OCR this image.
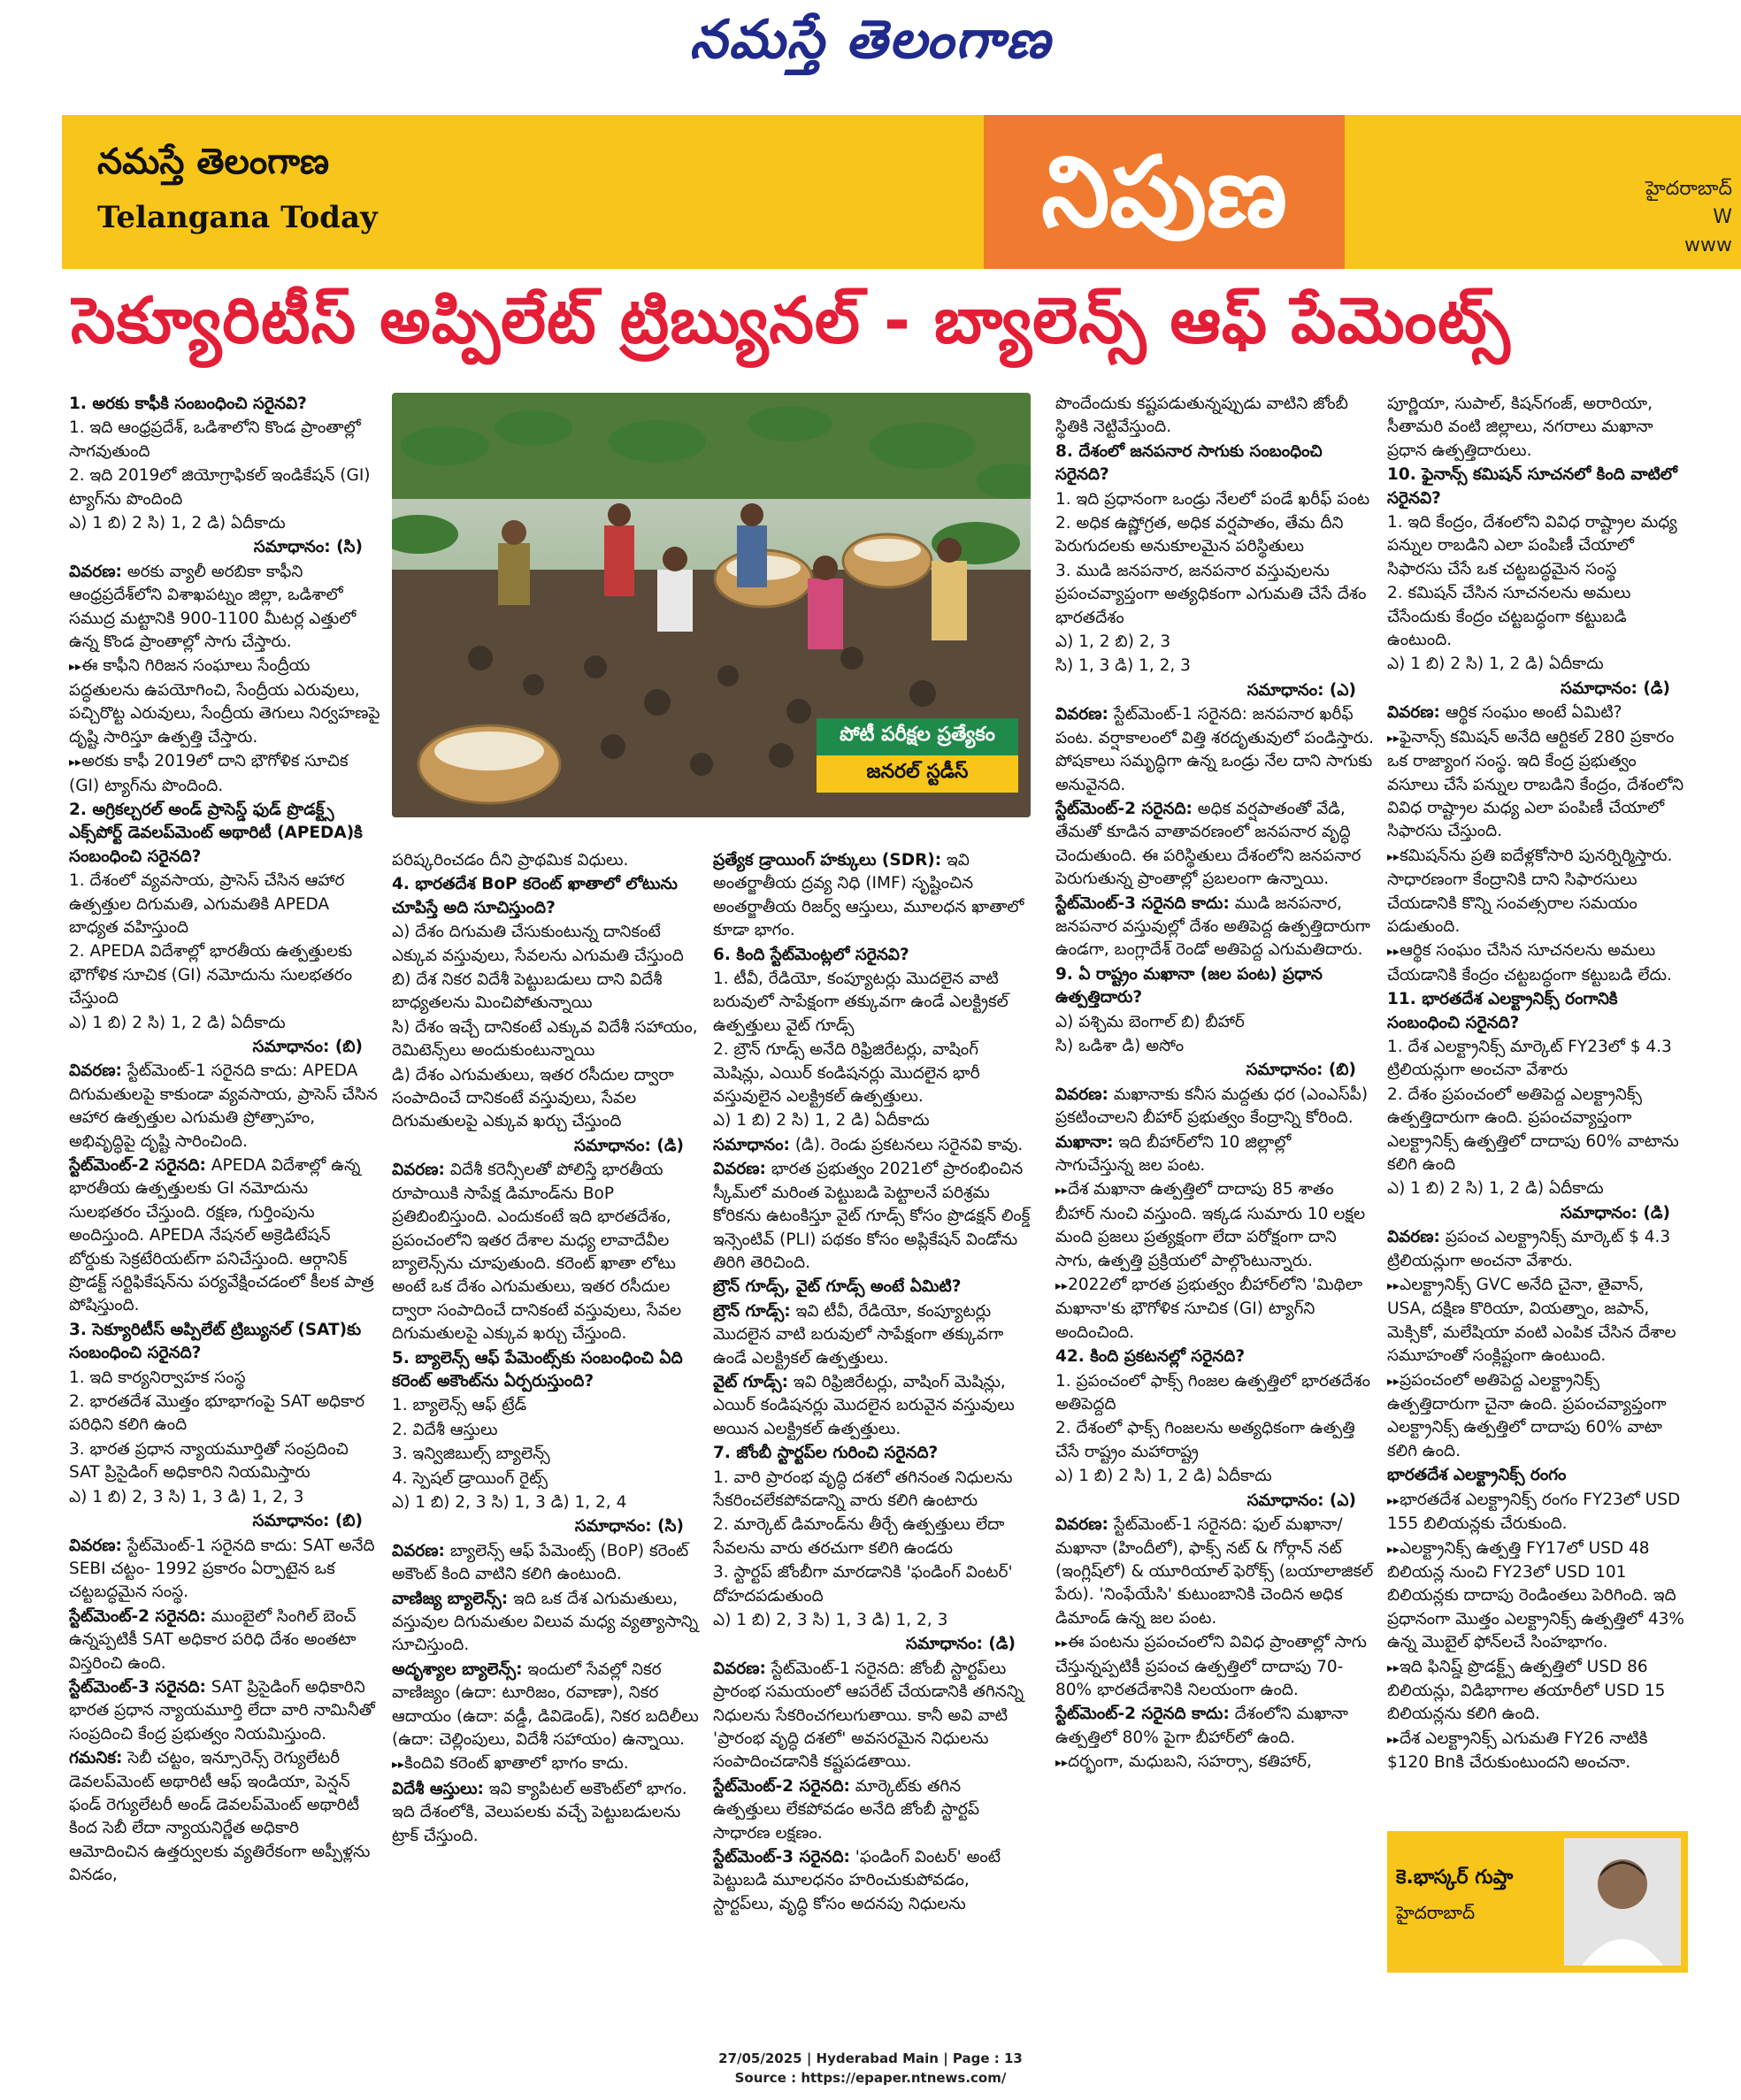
నమస్తే తెలంగాణ
నమస్తే తెలంగాణ
Telangana Today	నిపుణ	హైదరాబాద్
W
www
సెక్యూరిటీస్ అప్పిలేట్ ట్రిబ్యునల్ - బ్యాలెన్స్ ఆఫ్ పేమెంట్స్

1. అరకు కాఫీకి సంబంధించి సరైనవి?

1. ఇది ఆంధ్రప్రదేశ్, ఒడిశాలోని కొండ ప్రాంతాల్లో సాగవుతుంది

2. ఇది 2019లో జియోగ్రాఫికల్ ఇండికేషన్ (GI) ట్యాగ్‌ను పొందింది

ఎ) 1 బి) 2 సి) 1, 2 డి) ఏదీకాదు

సమాధానం: (సి)

వివరణ: అరకు వ్యాలీ అరబికా కాఫీని ఆంధ్రప్రదేశ్‌లోని విశాఖపట్నం జిల్లా, ఒడిశాలో సముద్ర మట్టానికి 900-1100 మీటర్ల ఎత్తులో ఉన్న కొండ ప్రాంతాల్లో సాగు చేస్తారు.

▸▸ ఈ కాఫీని గిరిజన సంఘాలు సేంద్రీయ పద్ధతులను ఉపయోగించి, సేంద్రీయ ఎరువులు, పచ్చిరొట్ట ఎరువులు, సేంద్రీయ తెగులు నిర్వహణపై దృష్టి సారిస్తూ ఉత్పత్తి చేస్తారు.

▸▸ అరకు కాఫీ 2019లో దాని భౌగోళిక సూచిక (GI) ట్యాగ్‌ను పొందింది.

2. అగ్రికల్చరల్ అండ్ ప్రాసెస్డ్ ఫుడ్ ప్రొడక్ట్స్ ఎక్స్‌పోర్ట్ డెవలప్‌మెంట్ అథారిటీ (APEDA)కి సంబంధించి సరైనది?

1. దేశంలో వ్యవసాయ, ప్రాసెస్ చేసిన ఆహార ఉత్పత్తుల దిగుమతి, ఎగుమతికి APEDA బాధ్యత వహిస్తుంది

2. APEDA విదేశాల్లో భారతీయ ఉత్పత్తులకు భౌగోళిక సూచిక (GI) నమోదును సులభతరం చేస్తుంది

ఎ) 1 బి) 2 సి) 1, 2 డి) ఏదీకాదు

సమాధానం: (బి)

వివరణ: స్టేట్‌మెంట్-1 సరైనది కాదు: APEDA దిగుమతులపై కాకుండా వ్యవసాయ, ప్రాసెస్ చేసిన ఆహార ఉత్పత్తుల ఎగుమతి ప్రోత్సాహం, అభివృద్ధిపై దృష్టి సారించింది.

స్టేట్‌మెంట్-2 సరైనది: APEDA విదేశాల్లో ఉన్న భారతీయ ఉత్పత్తులకు GI నమోదును సులభతరం చేస్తుంది. రక్షణ, గుర్తింపును అందిస్తుంది. APEDA నేషనల్ అక్రెడిటేషన్ బోర్డుకు సెక్రటేరియట్‌గా పనిచేస్తుంది. ఆర్గానిక్ ప్రొడక్ట్ సర్టిఫికేషన్‌ను పర్యవేక్షించడంలో కీలక పాత్ర పోషిస్తుంది.

3. సెక్యూరిటీస్ అప్పిలేట్ ట్రిబ్యునల్ (SAT)కు సంబంధించి సరైనది?

1. ఇది కార్యనిర్వాహక సంస్థ

2. భారతదేశ మొత్తం భూభాగంపై SAT అధికార పరిధిని కలిగి ఉంది

3. భారత ప్రధాన న్యాయమూర్తితో సంప్రదించి SAT ప్రిసైడింగ్ అధికారిని నియమిస్తారు

ఎ) 1 బి) 2, 3 సి) 1, 3 డి) 1, 2, 3

సమాధానం: (బి)

వివరణ: స్టేట్‌మెంట్-1 సరైనది కాదు: SAT అనేది SEBI చట్టం- 1992 ప్రకారం ఏర్పాటైన ఒక చట్టబద్ధమైన సంస్థ.

స్టేట్‌మెంట్-2 సరైనది: ముంబైలో సింగిల్ బెంచ్ ఉన్నప్పటికీ SAT అధికార పరిధి దేశం అంతటా విస్తరించి ఉంది.

స్టేట్‌మెంట్-3 సరైనది: SAT ప్రిసైడింగ్ అధికారిని భారత ప్రధాన న్యాయమూర్తి లేదా వారి నామినీతో సంప్రదించి కేంద్ర ప్రభుత్వం నియమిస్తుంది.

గమనిక: సెబీ చట్టం, ఇన్సూరెన్స్ రెగ్యులేటరీ డెవలప్‌మెంట్ అథారిటీ ఆఫ్ ఇండియా, పెన్షన్ ఫండ్ రెగ్యులేటరీ అండ్ డెవలప్‌మెంట్ అథారిటీ కింద సెబీ లేదా న్యాయనిర్ణేత అధికారి ఆమోదించిన ఉత్తర్వులకు వ్యతిరేకంగా అప్పీళ్లను వినడం,

పోటీ పరీక్షల ప్రత్యేకం
జనరల్ స్టడీస్

పరిష్కరించడం దీని ప్రాథమిక విధులు.

4. భారతదేశ BoP కరెంట్ ఖాతాలో లోటును చూపిస్తే అది సూచిస్తుంది?

ఎ) దేశం దిగుమతి చేసుకుంటున్న దానికంటే ఎక్కువ వస్తువులు, సేవలను ఎగుమతి చేస్తుంది

బి) దేశ నికర విదేశీ పెట్టుబడులు దాని విదేశీ బాధ్యతలను మించిపోతున్నాయి

సి) దేశం ఇచ్చే దానికంటే ఎక్కువ విదేశీ సహాయం, రెమిటెన్స్‌లు అందుకుంటున్నాయి

డి) దేశం ఎగుమతులు, ఇతర రసీదుల ద్వారా సంపాదించే దానికంటే వస్తువులు, సేవల దిగుమతులపై ఎక్కువ ఖర్చు చేస్తుంది

సమాధానం: (డి)

వివరణ: విదేశీ కరెన్సీలతో పోలిస్తే భారతీయ రూపాయికి సాపేక్ష డిమాండ్‌ను BoP ప్రతిబింబిస్తుంది. ఎందుకంటే ఇది భారతదేశం, ప్రపంచంలోని ఇతర దేశాల మధ్య లావాదేవీల బ్యాలెన్స్‌ను చూపుతుంది. కరెంట్ ఖాతా లోటు అంటే ఒక దేశం ఎగుమతులు, ఇతర రసీదుల ద్వారా సంపాదించే దానికంటే వస్తువులు, సేవల దిగుమతులపై ఎక్కువ ఖర్చు చేస్తుంది.

5. బ్యాలెన్స్ ఆఫ్ పేమెంట్స్‌కు సంబంధించి ఏది కరెంట్ అకౌంట్‌ను ఏర్పరుస్తుంది?

1. బ్యాలెన్స్ ఆఫ్ ట్రేడ్

2. విదేశీ ఆస్తులు

3. ఇన్విజిబుల్స్ బ్యాలెన్స్

4. స్పెషల్ డ్రాయింగ్ రైట్స్

ఎ) 1 బి) 2, 3 సి) 1, 3 డి) 1, 2, 4

సమాధానం: (సి)

వివరణ: బ్యాలెన్స్ ఆఫ్ పేమెంట్స్ (BoP) కరెంట్ అకౌంట్ కింది వాటిని కలిగి ఉంటుంది.

వాణిజ్య బ్యాలెన్స్: ఇది ఒక దేశ ఎగుమతులు, వస్తువుల దిగుమతుల విలువ మధ్య వ్యత్యాసాన్ని సూచిస్తుంది.

అదృశ్యాల బ్యాలెన్స్: ఇందులో సేవల్లో నికర వాణిజ్యం (ఉదా: టూరిజం, రవాణా), నికర ఆదాయం (ఉదా: వడ్డీ, డివిడెండ్), నికర బదిలీలు (ఉదా: చెల్లింపులు, విదేశీ సహాయం) ఉన్నాయి.

▸▸ కిందివి కరెంట్ ఖాతాలో భాగం కాదు.

విదేశీ ఆస్తులు: ఇవి క్యాపిటల్ అకౌంట్‌లో భాగం. ఇది దేశంలోకి, వెలుపలకు వచ్చే పెట్టుబడులను ట్రాక్ చేస్తుంది.

ప్రత్యేక డ్రాయింగ్ హక్కులు (SDR): ఇవి అంతర్జాతీయ ద్రవ్య నిధి (IMF) సృష్టించిన అంతర్జాతీయ రిజర్వ్ ఆస్తులు, మూలధన ఖాతాలో కూడా భాగం.

6. కింది స్టేట్‌మెంట్లలో సరైనవి?

1. టీవీ, రేడియో, కంప్యూటర్లు మొదలైన వాటి బరువులో సాపేక్షంగా తక్కువగా ఉండే ఎలక్ట్రికల్ ఉత్పత్తులు వైట్ గూడ్స్

2. బ్రౌన్ గూడ్స్ అనేది రిఫ్రిజిరేటర్లు, వాషింగ్ మెషిన్లు, ఎయిర్ కండిషనర్లు మొదలైన భారీ వస్తువులైన ఎలక్ట్రికల్ ఉత్పత్తులు.

ఎ) 1 బి) 2 సి) 1, 2 డి) ఏదీకాదు

సమాధానం: (డి). రెండు ప్రకటనలు సరైనవి కావు.

వివరణ: భారత ప్రభుత్వం 2021లో ప్రారంభించిన స్కీమ్‌లో మరింత పెట్టుబడి పెట్టాలనే పరిశ్రమ కోరికను ఉటంకిస్తూ వైట్ గూడ్స్ కోసం ప్రొడక్షన్ లింక్డ్ ఇన్సెంటివ్ (PLI) పథకం కోసం అప్లికేషన్ విండోను తిరిగి తెరిచింది.

బ్రౌన్ గూడ్స్, వైట్ గూడ్స్ అంటే ఏమిటి?

బ్రౌన్ గూడ్స్: ఇవి టీవీ, రేడియో, కంప్యూటర్లు మొదలైన వాటి బరువులో సాపేక్షంగా తక్కువగా ఉండే ఎలక్ట్రికల్ ఉత్పత్తులు.

వైట్ గూడ్స్: ఇవి రిఫ్రిజిరేటర్లు, వాషింగ్ మెషిన్లు, ఎయిర్ కండిషనర్లు మొదలైన బరువైన వస్తువులు అయిన ఎలక్ట్రికల్ ఉత్పత్తులు.

7. జోంబీ స్టార్టప్‌ల గురించి సరైనది?

1. వారి ప్రారంభ వృద్ధి దశలో తగినంత నిధులను సేకరించలేకపోవడాన్ని వారు కలిగి ఉంటారు

2. మార్కెట్ డిమాండ్‌ను తీర్చే ఉత్పత్తులు లేదా సేవలను వారు తరచుగా కలిగి ఉండరు

3. స్టార్టప్ జోంబీగా మారడానికి 'ఫండింగ్ వింటర్' దోహదపడుతుంది

ఎ) 1 బి) 2, 3 సి) 1, 3 డి) 1, 2, 3

సమాధానం: (డి)

వివరణ: స్టేట్‌మెంట్-1 సరైనది: జోంబీ స్టార్టప్‌లు ప్రారంభ సమయంలో ఆపరేట్ చేయడానికి తగినన్ని నిధులను సేకరించగలుగుతాయి. కానీ అవి వాటి 'ప్రారంభ వృద్ధి దశలో' అవసరమైన నిధులను సంపాదించడానికి కష్టపడతాయి.

స్టేట్‌మెంట్-2 సరైనది: మార్కెట్‌కు తగిన ఉత్పత్తులు లేకపోవడం అనేది జోంబీ స్టార్టప్ సాధారణ లక్షణం.

స్టేట్‌మెంట్-3 సరైనది: 'ఫండింగ్ వింటర్' అంటే పెట్టుబడి మూలధనం హరించుకుపోవడం, స్టార్టప్‌లు, వృద్ధి కోసం అదనపు నిధులను

పొందేందుకు కష్టపడుతున్నప్పుడు వాటిని జోంబీ స్థితికి నెట్టివేస్తుంది.

8. దేశంలో జనపనార సాగుకు సంబంధించి సరైనది?

1. ఇది ప్రధానంగా ఒండ్రు నేలలో పండే ఖరీఫ్ పంట

2. అధిక ఉష్ణోగ్రత, అధిక వర్షపాతం, తేమ దీని పెరుగుదలకు అనుకూలమైన పరిస్థితులు

3. ముడి జనపనార, జనపనార వస్తువులను ప్రపంచవ్యాప్తంగా అత్యధికంగా ఎగుమతి చేసే దేశం భారతదేశం

ఎ) 1, 2 బి) 2, 3

సి) 1, 3 డి) 1, 2, 3

సమాధానం: (ఎ)

వివరణ: స్టేట్‌మెంట్-1 సరైనది: జనపనార ఖరీఫ్ పంట. వర్షాకాలంలో విత్తి శరదృతువులో పండిస్తారు. పోషకాలు సమృద్ధిగా ఉన్న ఒండ్రు నేల దాని సాగుకు అనువైనది.

స్టేట్‌మెంట్-2 సరైనది: అధిక వర్షపాతంతో వేడి, తేమతో కూడిన వాతావరణంలో జనపనార వృద్ధి చెందుతుంది. ఈ పరిస్థితులు దేశంలోని జనపనార పెరుగుతున్న ప్రాంతాల్లో ప్రబలంగా ఉన్నాయి.

స్టేట్‌మెంట్-3 సరైనది కాదు: ముడి జనపనార, జనపనార వస్తువుల్లో దేశం అతిపెద్ద ఉత్పత్తిదారుగా ఉండగా, బంగ్లాదేశ్ రెండో అతిపెద్ద ఎగుమతిదారు.

9. ఏ రాష్ట్రం మఖానా (జల పంట) ప్రధాన ఉత్పత్తిదారు?

ఎ) పశ్చిమ బెంగాల్ బి) బీహార్

సి) ఒడిశా డి) అసోం

సమాధానం: (బి)

వివరణ: మఖానాకు కనీస మద్దతు ధర (ఎంఎస్‌పీ) ప్రకటించాలని బీహార్ ప్రభుత్వం కేంద్రాన్ని కోరింది.

మఖానా: ఇది బీహార్‌లోని 10 జిల్లాల్లో సాగుచేస్తున్న జల పంట.

▸▸ దేశ మఖానా ఉత్పత్తిలో దాదాపు 85 శాతం బీహార్ నుంచి వస్తుంది. ఇక్కడ సుమారు 10 లక్షల మంది ప్రజలు ప్రత్యక్షంగా లేదా పరోక్షంగా దాని సాగు, ఉత్పత్తి ప్రక్రియలో పాల్గొంటున్నారు.

▸▸ 2022లో భారత ప్రభుత్వం బీహార్‌లోని 'మిథిలా మఖానా'కు భౌగోళిక సూచిక (GI) ట్యాగ్‌ని అందించింది.

42. కింది ప్రకటనల్లో సరైనది?

1. ప్రపంచంలో ఫాక్స్ గింజల ఉత్పత్తిలో భారతదేశం అతిపెద్దది

2. దేశంలో ఫాక్స్ గింజలను అత్యధికంగా ఉత్పత్తి చేసే రాష్ట్రం మహారాష్ట్ర

ఎ) 1 బి) 2 సి) 1, 2 డి) ఏదీకాదు

సమాధానం: (ఎ)

వివరణ: స్టేట్‌మెంట్-1 సరైనది: ఫుల్ మఖానా/ మఖానా (హిందీలో), ఫాక్స్ నట్ & గోర్గాన్ నట్ (ఇంగ్లిష్‌లో) & యూరియాల్ ఫెరోక్స్ (బయాలాజికల్ పేరు). 'నింఫేయేసి' కుటుంబానికి చెందిన అధిక డిమాండ్ ఉన్న జల పంట.

▸▸ ఈ పంటను ప్రపంచంలోని వివిధ ప్రాంతాల్లో సాగు చేస్తున్నప్పటికీ ప్రపంచ ఉత్పత్తిలో దాదాపు 70-80% భారతదేశానికి నిలయంగా ఉంది.

స్టేట్‌మెంట్-2 సరైనది కాదు: దేశంలోని మఖానా ఉత్పత్తిలో 80% పైగా బీహార్‌లో ఉంది.

▸▸ దర్భంగా, మధుబని, సహర్సా, కతిహార్,

పూర్ణియా, సుపాల్, కిషన్‌గంజ్, అరారియా, సీతామరి వంటి జిల్లాలు, నగరాలు మఖానా ప్రధాన ఉత్పత్తిదారులు.

10. ఫైనాన్స్ కమిషన్ సూచనలో కింది వాటిలో సరైనవి?

1. ఇది కేంద్రం, దేశంలోని వివిధ రాష్ట్రాల మధ్య పన్నుల రాబడిని ఎలా పంపిణీ చేయాలో సిఫారసు చేసే ఒక చట్టబద్ధమైన సంస్థ

2. కమిషన్ చేసిన సూచనలను అమలు చేసేందుకు కేంద్రం చట్టబద్ధంగా కట్టుబడి ఉంటుంది.

ఎ) 1 బి) 2 సి) 1, 2 డి) ఏదీకాదు

సమాధానం: (డి)

వివరణ: ఆర్థిక సంఘం అంటే ఏమిటి?

▸▸ ఫైనాన్స్ కమిషన్ అనేది ఆర్టికల్ 280 ప్రకారం ఒక రాజ్యాంగ సంస్థ. ఇది కేంద్ర ప్రభుత్వం వసూలు చేసే పన్నుల రాబడిని కేంద్రం, దేశంలోని వివిధ రాష్ట్రాల మధ్య ఎలా పంపిణీ చేయాలో సిఫారసు చేస్తుంది.

▸▸ కమిషన్‌ను ప్రతి ఐదేళ్లకోసారి పునర్నిర్మిస్తారు. సాధారణంగా కేంద్రానికి దాని సిఫారసులు చేయడానికి కొన్ని సంవత్సరాల సమయం పడుతుంది.

▸▸ ఆర్థిక సంఘం చేసిన సూచనలను అమలు చేయడానికి కేంద్రం చట్టబద్ధంగా కట్టుబడి లేదు.

11. భారతదేశ ఎలక్ట్రానిక్స్ రంగానికి సంబంధించి సరైనది?

1. దేశ ఎలక్ట్రానిక్స్ మార్కెట్ FY23లో $ 4.3 ట్రిలియన్లుగా అంచనా వేశారు

2. దేశం ప్రపంచంలో అతిపెద్ద ఎలక్ట్రానిక్స్ ఉత్పత్తిదారుగా ఉంది. ప్రపంచవ్యాప్తంగా ఎలక్ట్రానిక్స్ ఉత్పత్తిలో దాదాపు 60% వాటాను కలిగి ఉంది

ఎ) 1 బి) 2 సి) 1, 2 డి) ఏదీకాదు

సమాధానం: (డి)

వివరణ: ప్రపంచ ఎలక్ట్రానిక్స్ మార్కెట్ $ 4.3 ట్రిలియన్లుగా అంచనా వేశారు.

▸▸ ఎలక్ట్రానిక్స్ GVC అనేది చైనా, తైవాన్, USA, దక్షిణ కొరియా, వియత్నాం, జపాన్, మెక్సికో, మలేషియా వంటి ఎంపిక చేసిన దేశాల సమూహంతో సంక్లిష్టంగా ఉంటుంది.

▸▸ ప్రపంచంలో అతిపెద్ద ఎలక్ట్రానిక్స్ ఉత్పత్తిదారుగా చైనా ఉంది. ప్రపంచవ్యాప్తంగా ఎలక్ట్రానిక్స్ ఉత్పత్తిలో దాదాపు 60% వాటా కలిగి ఉంది.

భారతదేశ ఎలక్ట్రానిక్స్ రంగం

▸▸ భారతదేశ ఎలక్ట్రానిక్స్ రంగం FY23లో USD 155 బిలియన్లకు చేరుకుంది.

▸▸ ఎలక్ట్రానిక్స్ ఉత్పత్తి FY17లో USD 48 బిలియన్ల నుంచి FY23లో USD 101 బిలియన్లకు దాదాపు రెండింతలు పెరిగింది. ఇది ప్రధానంగా మొత్తం ఎలక్ట్రానిక్స్ ఉత్పత్తిలో 43% ఉన్న మొబైల్ ఫోన్‌లచే సింహభాగం.

▸▸ ఇది ఫినిష్డ్ ప్రొడక్ట్స్ ఉత్పత్తిలో USD 86 బిలియన్లు, విడిభాగాల తయారీలో USD 15 బిలియన్లను కలిగి ఉంది.

▸▸ దేశ ఎలక్ట్రానిక్స్ ఎగుమతి FY26 నాటికి $120 Bnకి చేరుకుంటుందని అంచనా.

కె.భాస్కర్ గుప్తా
హైదరాబాద్
27/05/2025 | Hyderabad Main | Page : 13
Source : https://epaper.ntnews.com/
